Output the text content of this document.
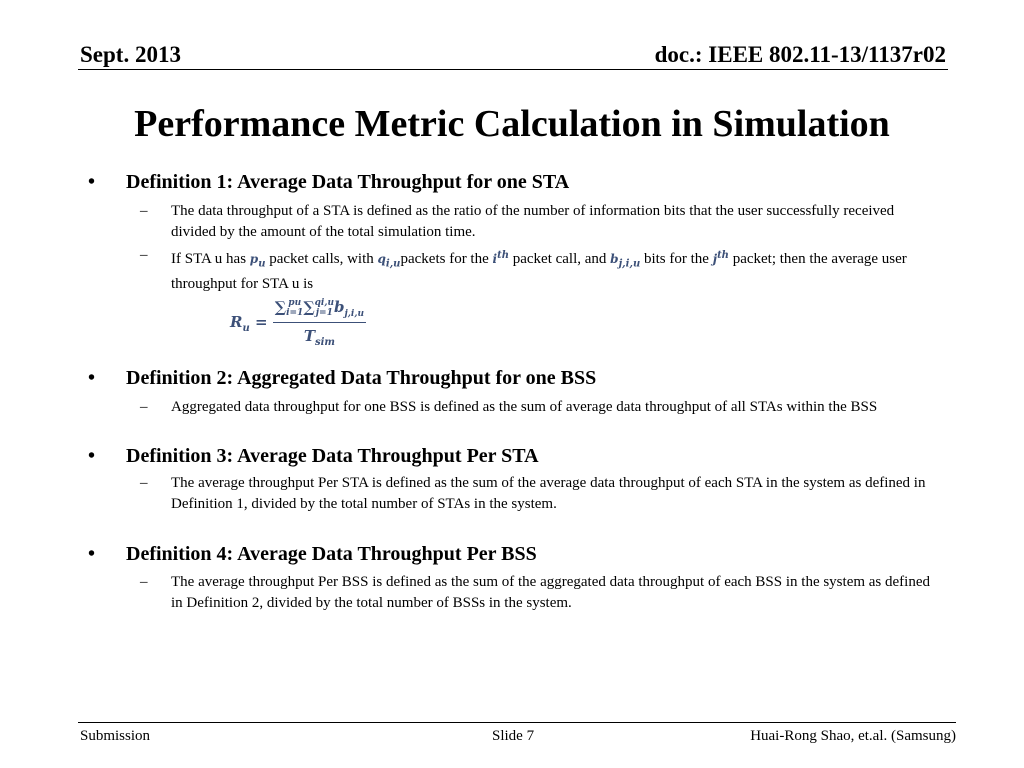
Sept. 2013	doc.: IEEE 802.11-13/1137r02
Performance Metric Calculation in Simulation
• Definition 1: Average Data Throughput for one STA
– The data throughput of a STA is defined as the ratio of the number of information bits that the user successfully received divided by the amount of the total simulation time.
– If STA u has $p_u$ packet calls, with $q_{i,u}packets$ for the $i^{th}$ packet call, and $b_{j,i,u}$ bits for the $j^{th}$ packet; then the average user throughput for STA u is
$R_u$ = ∑ pu
i=1 ∑ qi,u
j=1 $b_{j,i,u}$
$T_{sim}$
• Definition 2: Aggregated Data Throughput for one BSS
– Aggregated data throughput for one BSS is defined as the sum of average data throughput of all STAs within the BSS
• Definition 3: Average Data Throughput Per STA
– The average throughput Per STA is defined as the sum of the average data throughput of each STA in the system as defined in Definition 1, divided by the total number of STAs in the system.
• Definition 4: Average Data Throughput Per BSS
– The average throughput Per BSS is defined as the sum of the aggregated data throughput of each BSS in the system as defined in Definition 2, divided by the total number of BSSs in the system.
Submission	Slide 7	Huai-Rong Shao, et.al. (Samsung)
